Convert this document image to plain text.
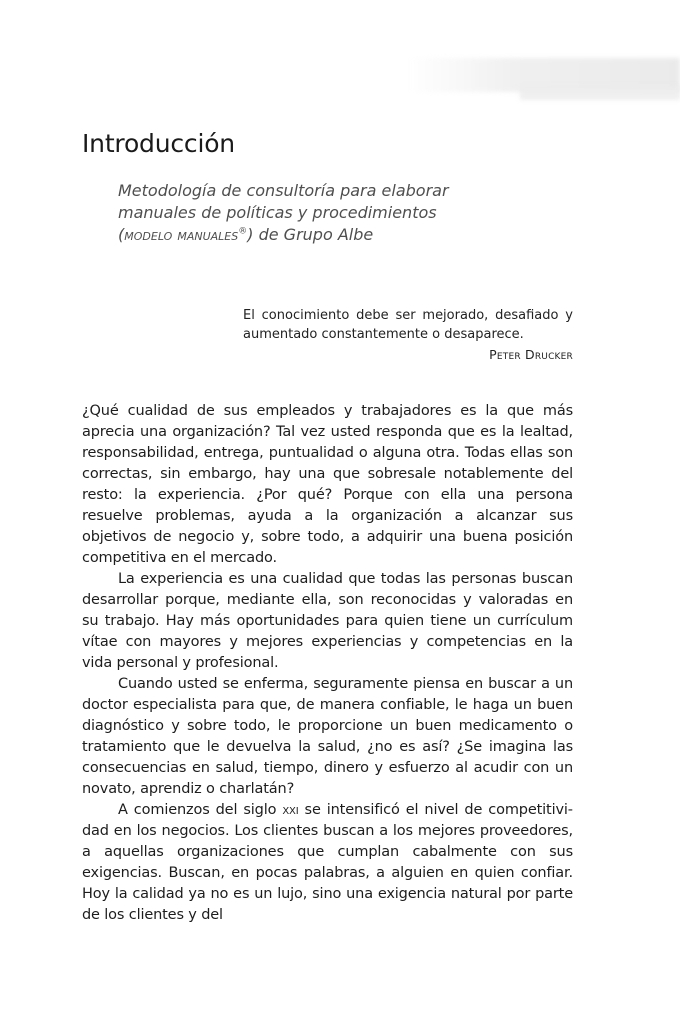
Introducción
Metodología de consultoría para elaborar
manuales de políticas y procedimientos
(modelo manuales®) de Grupo Albe

El conocimiento debe ser mejorado, desafiado y aumentado constantemente o desaparece.

Peter Drucker

¿Qué cualidad de sus empleados y trabajadores es la que más aprecia una organización? Tal vez usted responda que es la lealtad, responsabilidad, entrega, puntualidad o alguna otra. Todas ellas son correctas, sin embargo, hay una que sobresale notablemente del resto: la experiencia. ¿Por qué? Porque con ella una persona resuelve problemas, ayuda a la organización a alcanzar sus objetivos de negocio y, sobre todo, a adquirir una buena posición competitiva en el mercado.

La experiencia es una cualidad que todas las personas buscan desarrollar porque, mediante ella, son reconocidas y valoradas en su trabajo. Hay más oportunidades para quien tiene un currículum vítae con mayores y mejores experiencias y competencias en la vida personal y profesional.

Cuando usted se enferma, seguramente piensa en buscar a un doctor especialista para que, de manera confiable, le haga un buen diagnóstico y sobre todo, le proporcione un buen medicamento o tratamiento que le devuelva la salud, ¿no es así? ¿Se imagina las consecuencias en salud, tiempo, dinero y esfuerzo al acudir con un novato, aprendiz o charlatán?

A comienzos del siglo xxi se intensificó el nivel de competitividad en los negocios. Los clientes buscan a los mejores proveedores, a aquellas organizaciones que cumplan cabalmente con sus exigencias. Buscan, en pocas palabras, a alguien en quien confiar. Hoy la calidad ya no es un lujo, sino una exigencia natural por parte de los clientes y del
